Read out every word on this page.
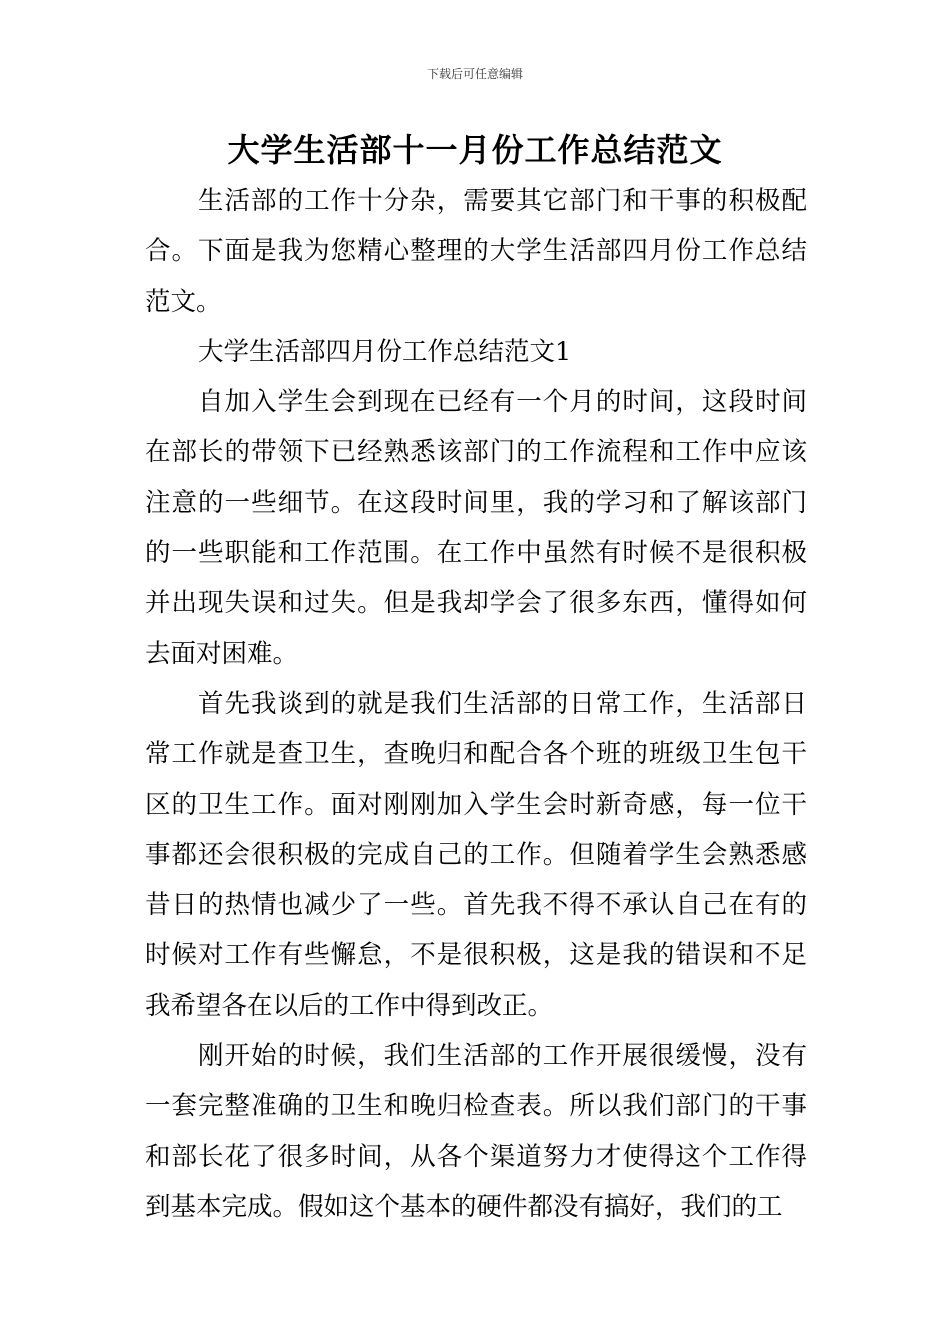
下载后可任意编辑
大学生活部十一月份工作总结范文

生活部的工作十分杂，需要其它部门和干事的积极配合。下面是我为您精心整理的大学生活部四月份工作总结范文。

大学生活部四月份工作总结范文1

自加入学生会到现在已经有一个月的时间，这段时间在部长的带领下已经熟悉该部门的工作流程和工作中应该注意的一些细节。在这段时间里，我的学习和了解该部门的一些职能和工作范围。在工作中虽然有时候不是很积极并出现失误和过失。但是我却学会了很多东西，懂得如何去面对困难。

首先我谈到的就是我们生活部的日常工作，生活部日常工作就是查卫生，查晚归和配合各个班的班级卫生包干区的卫生工作。面对刚刚加入学生会时新奇感，每一位干事都还会很积极的完成自己的工作。但随着学生会熟悉感昔日的热情也减少了一些。首先我不得不承认自己在有的时候对工作有些懈怠，不是很积极，这是我的错误和不足我希望各在以后的工作中得到改正。

刚开始的时候，我们生活部的工作开展很缓慢，没有一套完整准确的卫生和晚归检查表。所以我们部门的干事和部长花了很多时间，从各个渠道努力才使得这个工作得到基本完成。假如这个基本的硬件都没有搞好，我们的工
